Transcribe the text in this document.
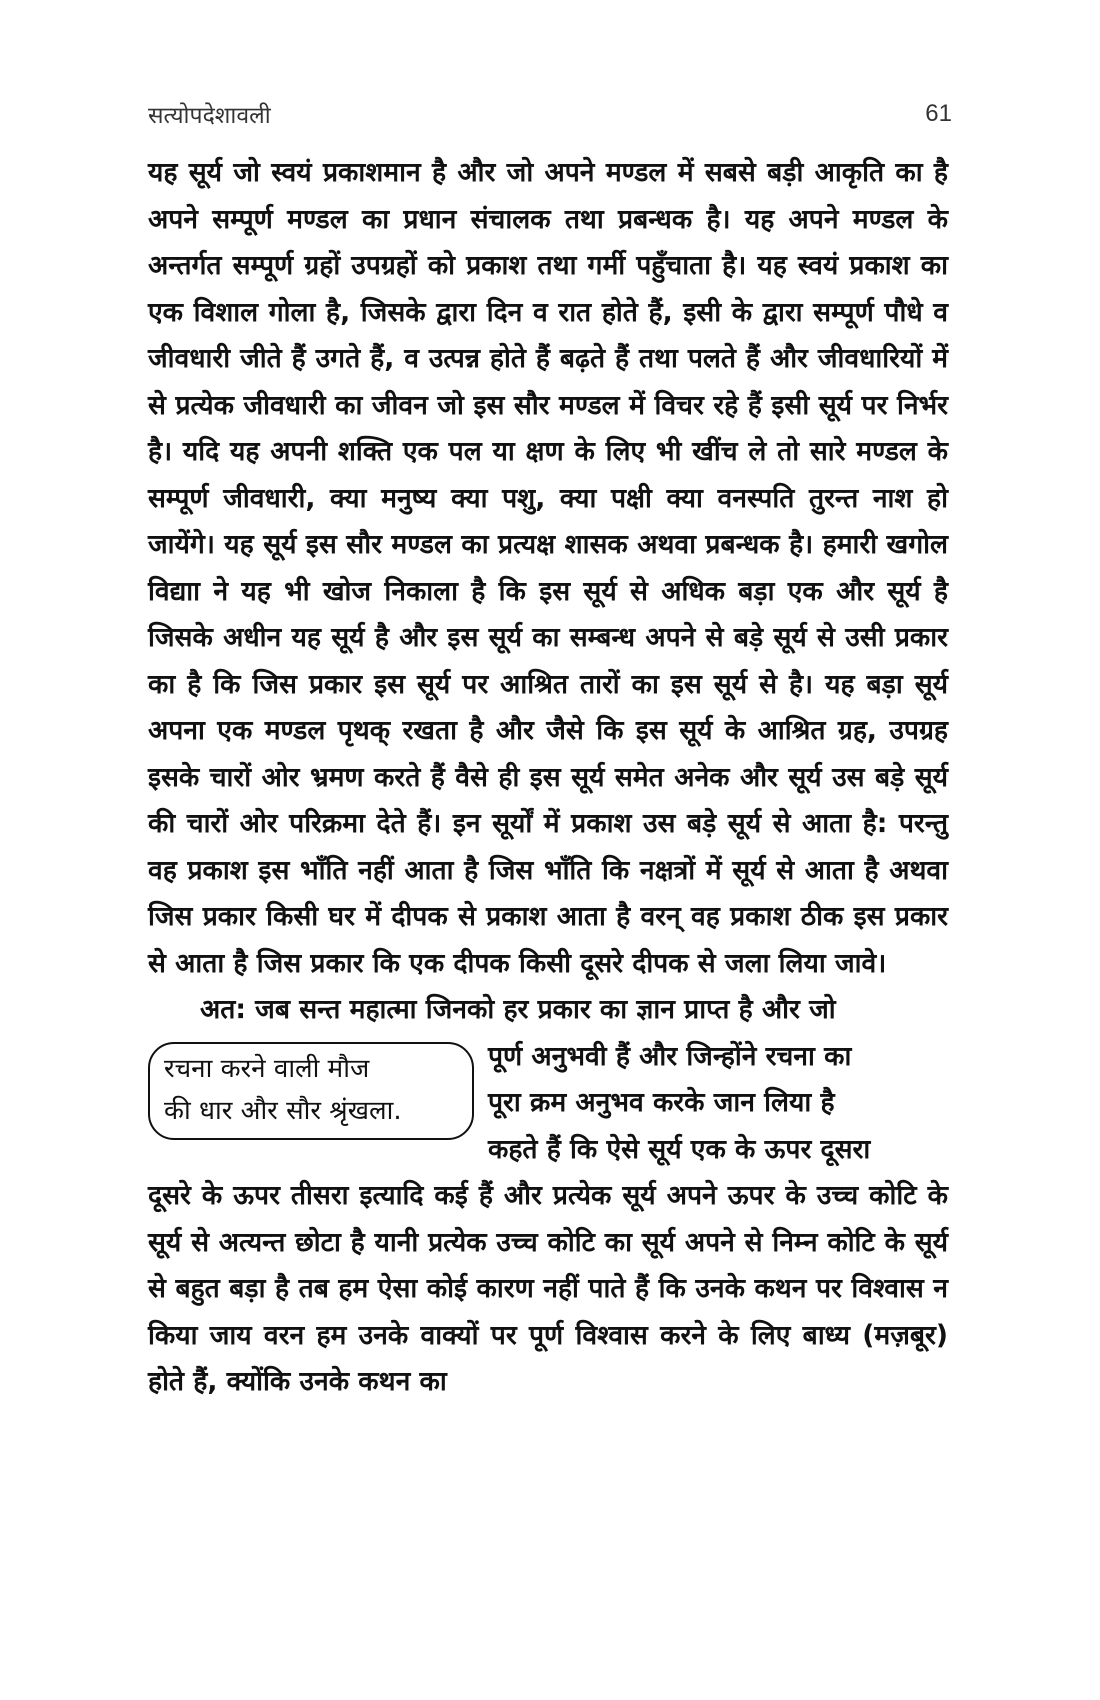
सत्योपदेशावली	61

यह सूर्य जो स्वयं प्रकाशमान है और जो अपने मण्डल में सबसे बड़ी आकृति का है अपने सम्पूर्ण मण्डल का प्रधान संचालक तथा प्रबन्धक है। यह अपने मण्डल के अन्तर्गत सम्पूर्ण ग्रहों उपग्रहों को प्रकाश तथा गर्मी पहुँचाता है। यह स्वयं प्रकाश का एक विशाल गोला है, जिसके द्वारा दिन व रात होते हैं, इसी के द्वारा सम्पूर्ण पौधे व जीवधारी जीते हैं उगते हैं, व उत्पन्न होते हैं बढ़ते हैं तथा पलते हैं और जीवधारियों में से प्रत्येक जीवधारी का जीवन जो इस सौर मण्डल में विचर रहे हैं इसी सूर्य पर निर्भर है। यदि यह अपनी शक्ति एक पल या क्षण के लिए भी खींच ले तो सारे मण्डल के सम्पूर्ण जीवधारी, क्या मनुष्य क्या पशु, क्या पक्षी क्या वनस्पति तुरन्त नाश हो जायेंगे। यह सूर्य इस सौर मण्डल का प्रत्यक्ष शासक अथवा प्रबन्धक है। हमारी खगोल विद्याा ने यह भी खोज निकाला है कि इस सूर्य से अधिक बड़ा एक और सूर्य है जिसके अधीन यह सूर्य है और इस सूर्य का सम्बन्ध अपने से बड़े सूर्य से उसी प्रकार का है कि जिस प्रकार इस सूर्य पर आश्रित तारों का इस सूर्य से है। यह बड़ा सूर्य अपना एक मण्डल पृथक् रखता है और जैसे कि इस सूर्य के आश्रित ग्रह, उपग्रह इसके चारों ओर भ्रमण करते हैं वैसे ही इस सूर्य समेत अनेक और सूर्य उस बड़े सूर्य की चारों ओर परिक्रमा देते हैं। इन सूर्यों में प्रकाश उस बड़े सूर्य से आता है: परन्तु वह प्रकाश इस भाँति नहीं आता है जिस भाँति कि नक्षत्रों में सूर्य से आता है अथवा जिस प्रकार किसी घर में दीपक से प्रकाश आता है वरन् वह प्रकाश ठीक इस प्रकार से आता है जिस प्रकार कि एक दीपक किसी दूसरे दीपक से जला लिया जावे।

अत: जब सन्त महात्मा जिनको हर प्रकार का ज्ञान प्राप्त है और जो

रचना करने वाली मौज
की धार और सौर श्रृंखला.
पूर्ण अनुभवी हैं और जिन्होंने रचना का
पूरा क्रम अनुभव करके जान लिया है
कहते हैं कि ऐसे सूर्य एक के ऊपर दूसरा

दूसरे के ऊपर तीसरा इत्यादि कई हैं और प्रत्येक सूर्य अपने ऊपर के उच्च कोटि के सूर्य से अत्यन्त छोटा है यानी प्रत्येक उच्च कोटि का सूर्य अपने से निम्न कोटि के सूर्य से बहुत बड़ा है तब हम ऐसा कोई कारण नहीं पाते हैं कि उनके कथन पर विश्वास न किया जाय वरन हम उनके वाक्यों पर पूर्ण विश्वास करने के लिए बाध्य (मज़बूर) होते हैं, क्योंकि उनके कथन का
